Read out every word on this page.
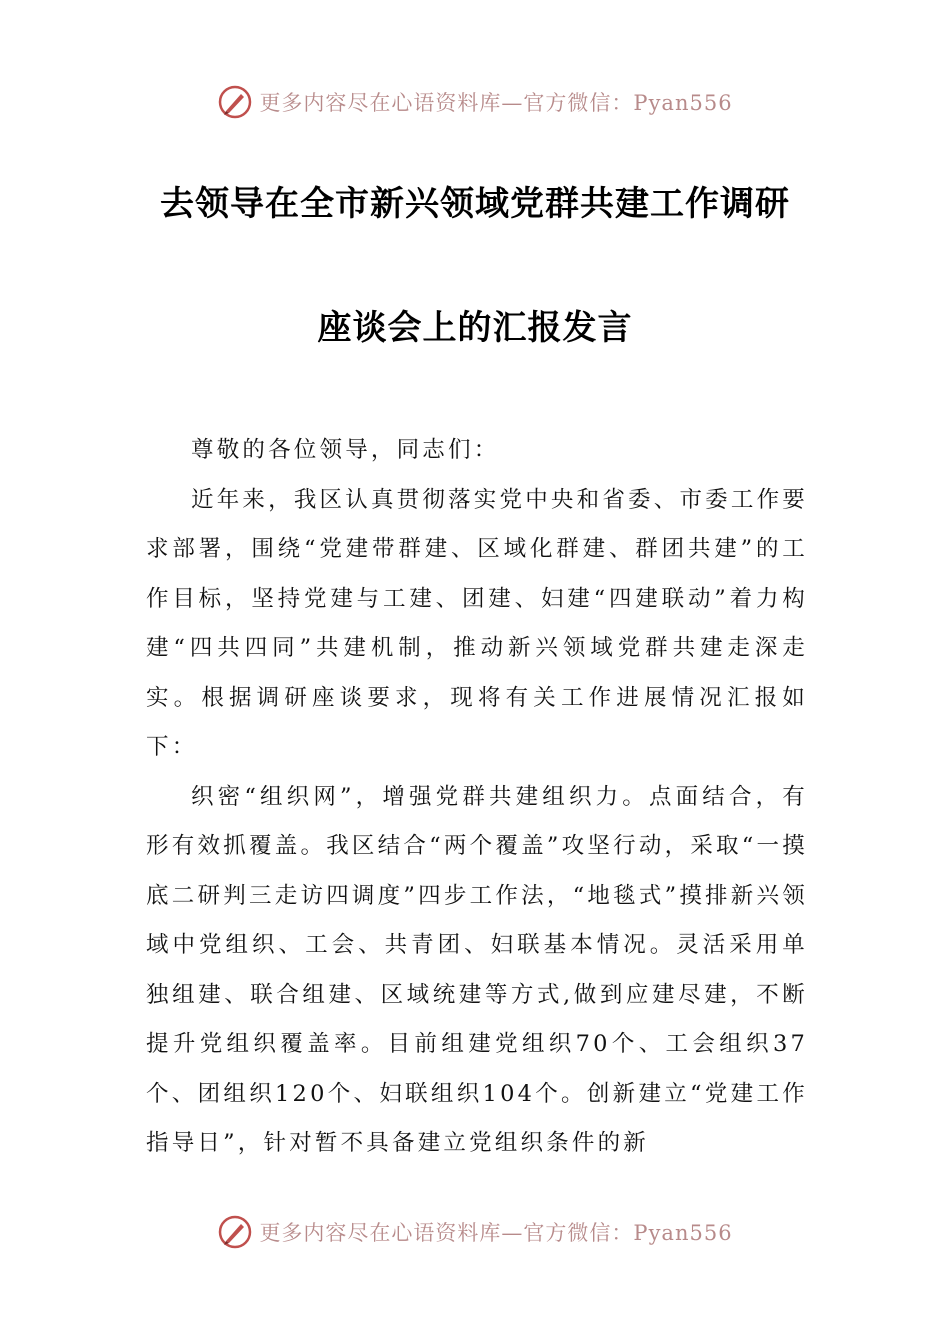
更多内容尽在心语资料库—官方微信：Pyan556
去领导在全市新兴领域党群共建工作调研
座谈会上的汇报发言

尊敬的各位领导，同志们：

近年来，我区认真贯彻落实党中央和省委、市委工作要求部署，围绕“党建带群建、区域化群建、群团共建”的工作目标，坚持党建与工建、团建、妇建“四建联动”着力构建“四共四同”共建机制，推动新兴领域党群共建走深走实。根据调研座谈要求，现将有关工作进展情况汇报如下：

织密“组织网”，增强党群共建组织力。点面结合，有形有效抓覆盖。我区结合“两个覆盖”攻坚行动，采取“一摸底二研判三走访四调度”四步工作法，“地毯式”摸排新兴领域中党组织、工会、共青团、妇联基本情况。灵活采用单独组建、联合组建、区域统建等方式,做到应建尽建，不断提升党组织覆盖率。目前组建党组织70个、工会组织37个、团组织120个、妇联组织104个。创新建立“党建工作指导日”，针对暂不具备建立党组织条件的新

更多内容尽在心语资料库—官方微信：Pyan556
